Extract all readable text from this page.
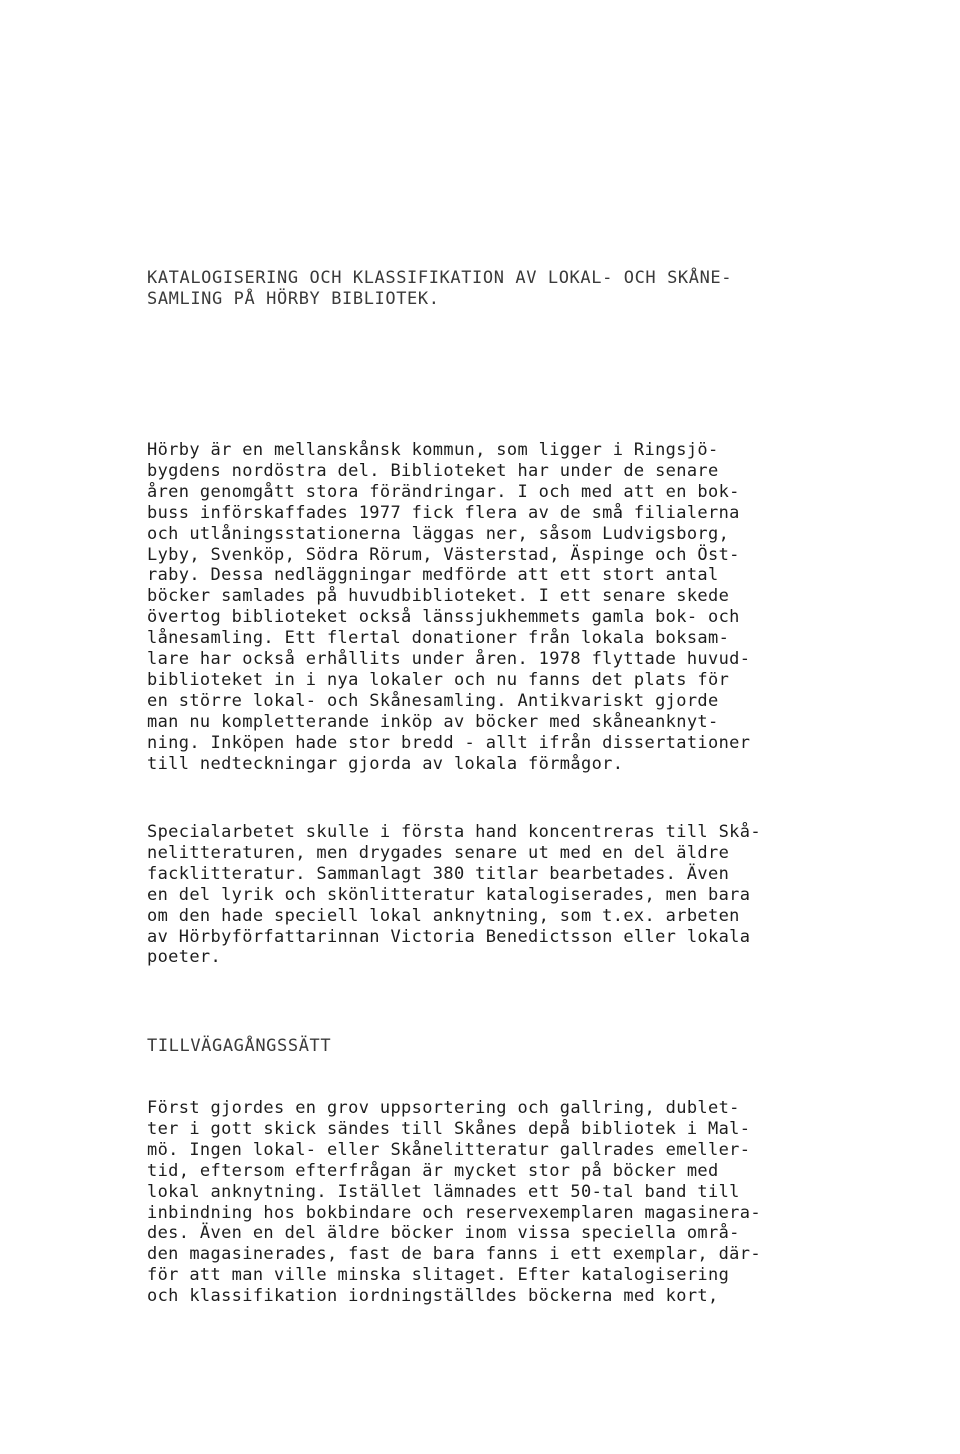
KATALOGISERING OCH KLASSIFIKATION AV LOKAL- OCH SKÅNE-
SAMLING PÅ HÖRBY BIBLIOTEK.
Hörby är en mellanskånsk kommun, som ligger i Ringsjö-
bygdens nordöstra del. Biblioteket har under de senare
åren genomgått stora förändringar. I och med att en bok-
buss införskaffades 1977 fick flera av de små filialerna
och utlåningsstationerna läggas ner, såsom Ludvigsborg,
Lyby, Svenköp, Södra Rörum, Västerstad, Äspinge och Öst-
raby. Dessa nedläggningar medförde att ett stort antal
böcker samlades på huvudbiblioteket. I ett senare skede
övertog biblioteket också länssjukhemmets gamla bok- och
lånesamling. Ett flertal donationer från lokala boksam-
lare har också erhållits under åren. 1978 flyttade huvud-
biblioteket in i nya lokaler och nu fanns det plats för
en större lokal- och Skånesamling. Antikvariskt gjorde
man nu kompletterande inköp av böcker med skåneanknyt-
ning. Inköpen hade stor bredd - allt ifrån dissertationer
till nedteckningar gjorda av lokala förmågor.
Specialarbetet skulle i första hand koncentreras till Skå-
nelitteraturen, men drygades senare ut med en del äldre
facklitteratur. Sammanlagt 380 titlar bearbetades. Även
en del lyrik och skönlitteratur katalogiserades, men bara
om den hade speciell lokal anknytning, som t.ex. arbeten
av Hörbyförfattarinnan Victoria Benedictsson eller lokala
poeter.
TILLVÄGAGÅNGSSÄTT
Först gjordes en grov uppsortering och gallring, dublet-
ter i gott skick sändes till Skånes depå bibliotek i Mal-
mö. Ingen lokal- eller Skånelitteratur gallrades emeller-
tid, eftersom efterfrågan är mycket stor på böcker med
lokal anknytning. Istället lämnades ett 50-tal band till
inbindning hos bokbindare och reservexemplaren magasinera-
des. Även en del äldre böcker inom vissa speciella områ-
den magasinerades, fast de bara fanns i ett exemplar, där-
för att man ville minska slitaget. Efter katalogisering
och klassifikation iordningställdes böckerna med kort,
